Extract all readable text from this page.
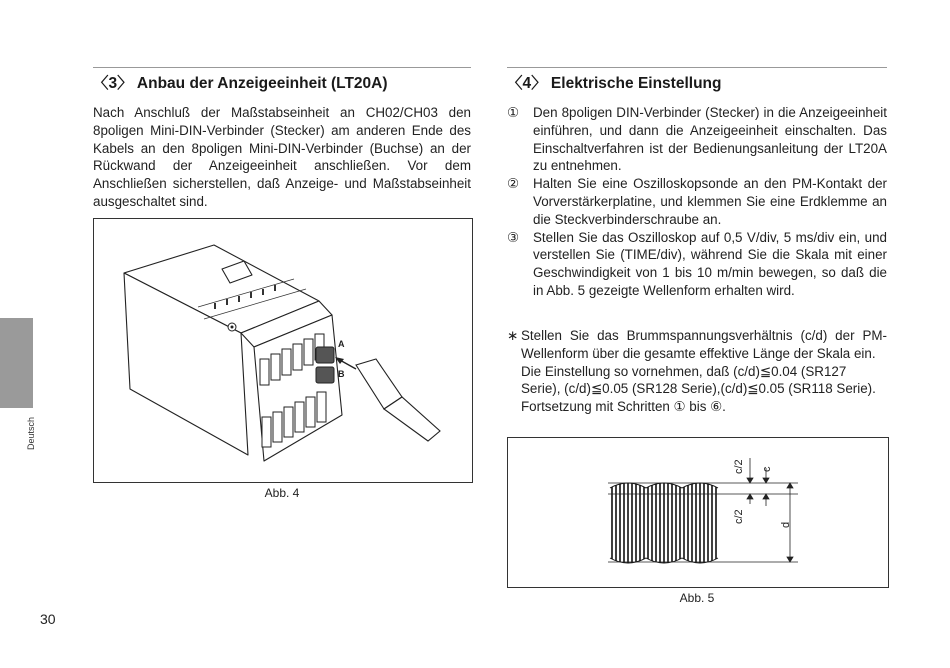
Deutsch
〈3〉 Anbau der Anzeigeeinheit (LT20A)
Nach Anschluß der Maßstabseinheit an CH02/CH03 den 8poligen Mini-DIN-Verbinder (Stecker) am anderen Ende des Kabels an den 8poligen Mini-DIN-Verbinder (Buchse) an der Rückwand der Anzeigeeinheit anschließen. Vor dem Anschließen sicherstellen, daß Anzeige- und Maßstabseinheit ausgeschaltet sind.
A
B
Abb. 4
〈4〉 Elektrische Einstellung
① Den 8poligen DIN-Verbinder (Stecker) in die Anzeigeeinheit einführen, und dann die Anzeigeeinheit einschalten. Das Einschaltverfahren ist der Bedienungsanleitung der LT20A zu entnehmen.
② Halten Sie eine Oszilloskopsonde an den PM-Kontakt der Vorverstärkerplatine, und klemmen Sie eine Erdklemme an die Steckverbinderschraube an.
③ Stellen Sie das Oszilloskop auf 0,5 V/div, 5 ms/div ein, und verstellen Sie (TIME/div), während Sie die Skala mit einer Geschwindigkeit von 1 bis 10 m/min bewegen, so daß die in Abb. 5 gezeigte Wellenform erhalten wird.
∗ Stellen Sie das Brummspannungsverhältnis (c/d) der PM-Wellenform über die gesamte effektive Länge der Skala ein.
Die Einstellung so vornehmen, daß (c/d)≦0.04 (SR127 Serie), (c/d)≦0.05 (SR128 Serie),(c/d)≦0.05 (SR118 Serie). Fortsetzung mit Schritten ① bis ⑥.
c/2 c
c/2
d
Abb. 5
30
